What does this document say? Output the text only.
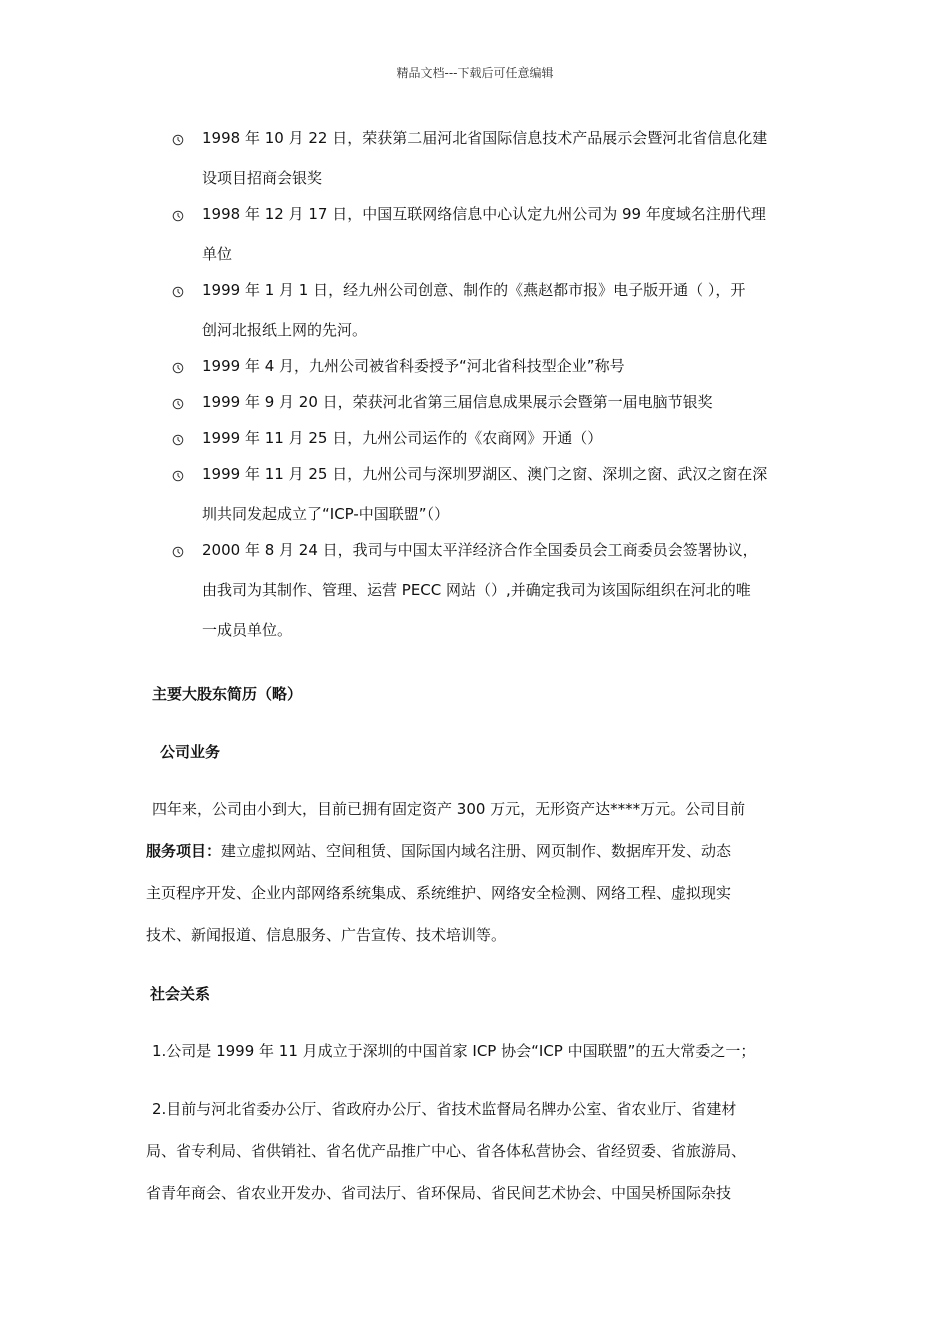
精品文档---下载后可任意编辑
1998 年 10 月 22 日，荣获第二届河北省国际信息技术产品展示会暨河北省信息化建
设项目招商会银奖
1998 年 12 月 17 日，中国互联网络信息中心认定九州公司为 99 年度域名注册代理
单位
1999 年 1 月 1 日，经九州公司创意、制作的《燕赵都市报》电子版开通（ ），开
创河北报纸上网的先河。
1999 年 4 月，九州公司被省科委授予“河北省科技型企业”称号
1999 年 9 月 20 日，荣获河北省第三届信息成果展示会暨第一届电脑节银奖
1999 年 11 月 25 日，九州公司运作的《农商网》开通（）
1999 年 11 月 25 日，九州公司与深圳罗湖区、澳门之窗、深圳之窗、武汉之窗在深
圳共同发起成立了“ICP-中国联盟”（）
2000 年 8 月 24 日，我司与中国太平洋经济合作全国委员会工商委员会签署协议，
由我司为其制作、管理、运营 PECC 网站（）,并确定我司为该国际组织在河北的唯
一成员单位。
主要大股东简历（略）
公司业务
四年来，公司由小到大，目前已拥有固定资产 300 万元，无形资产达****万元。公司目前
服务项目：建立虚拟网站、空间租赁、国际国内域名注册、网页制作、数据库开发、动态
主页程序开发、企业内部网络系统集成、系统维护、网络安全检测、网络工程、虚拟现实
技术、新闻报道、信息服务、广告宣传、技术培训等。
社会关系
1.公司是 1999 年 11 月成立于深圳的中国首家 ICP 协会“ICP 中国联盟”的五大常委之一；
2.目前与河北省委办公厅、省政府办公厅、省技术监督局名牌办公室、省农业厅、省建材
局、省专利局、省供销社、省名优产品推广中心、省各体私营协会、省经贸委、省旅游局、
省青年商会、省农业开发办、省司法厅、省环保局、省民间艺术协会、中国吴桥国际杂技
